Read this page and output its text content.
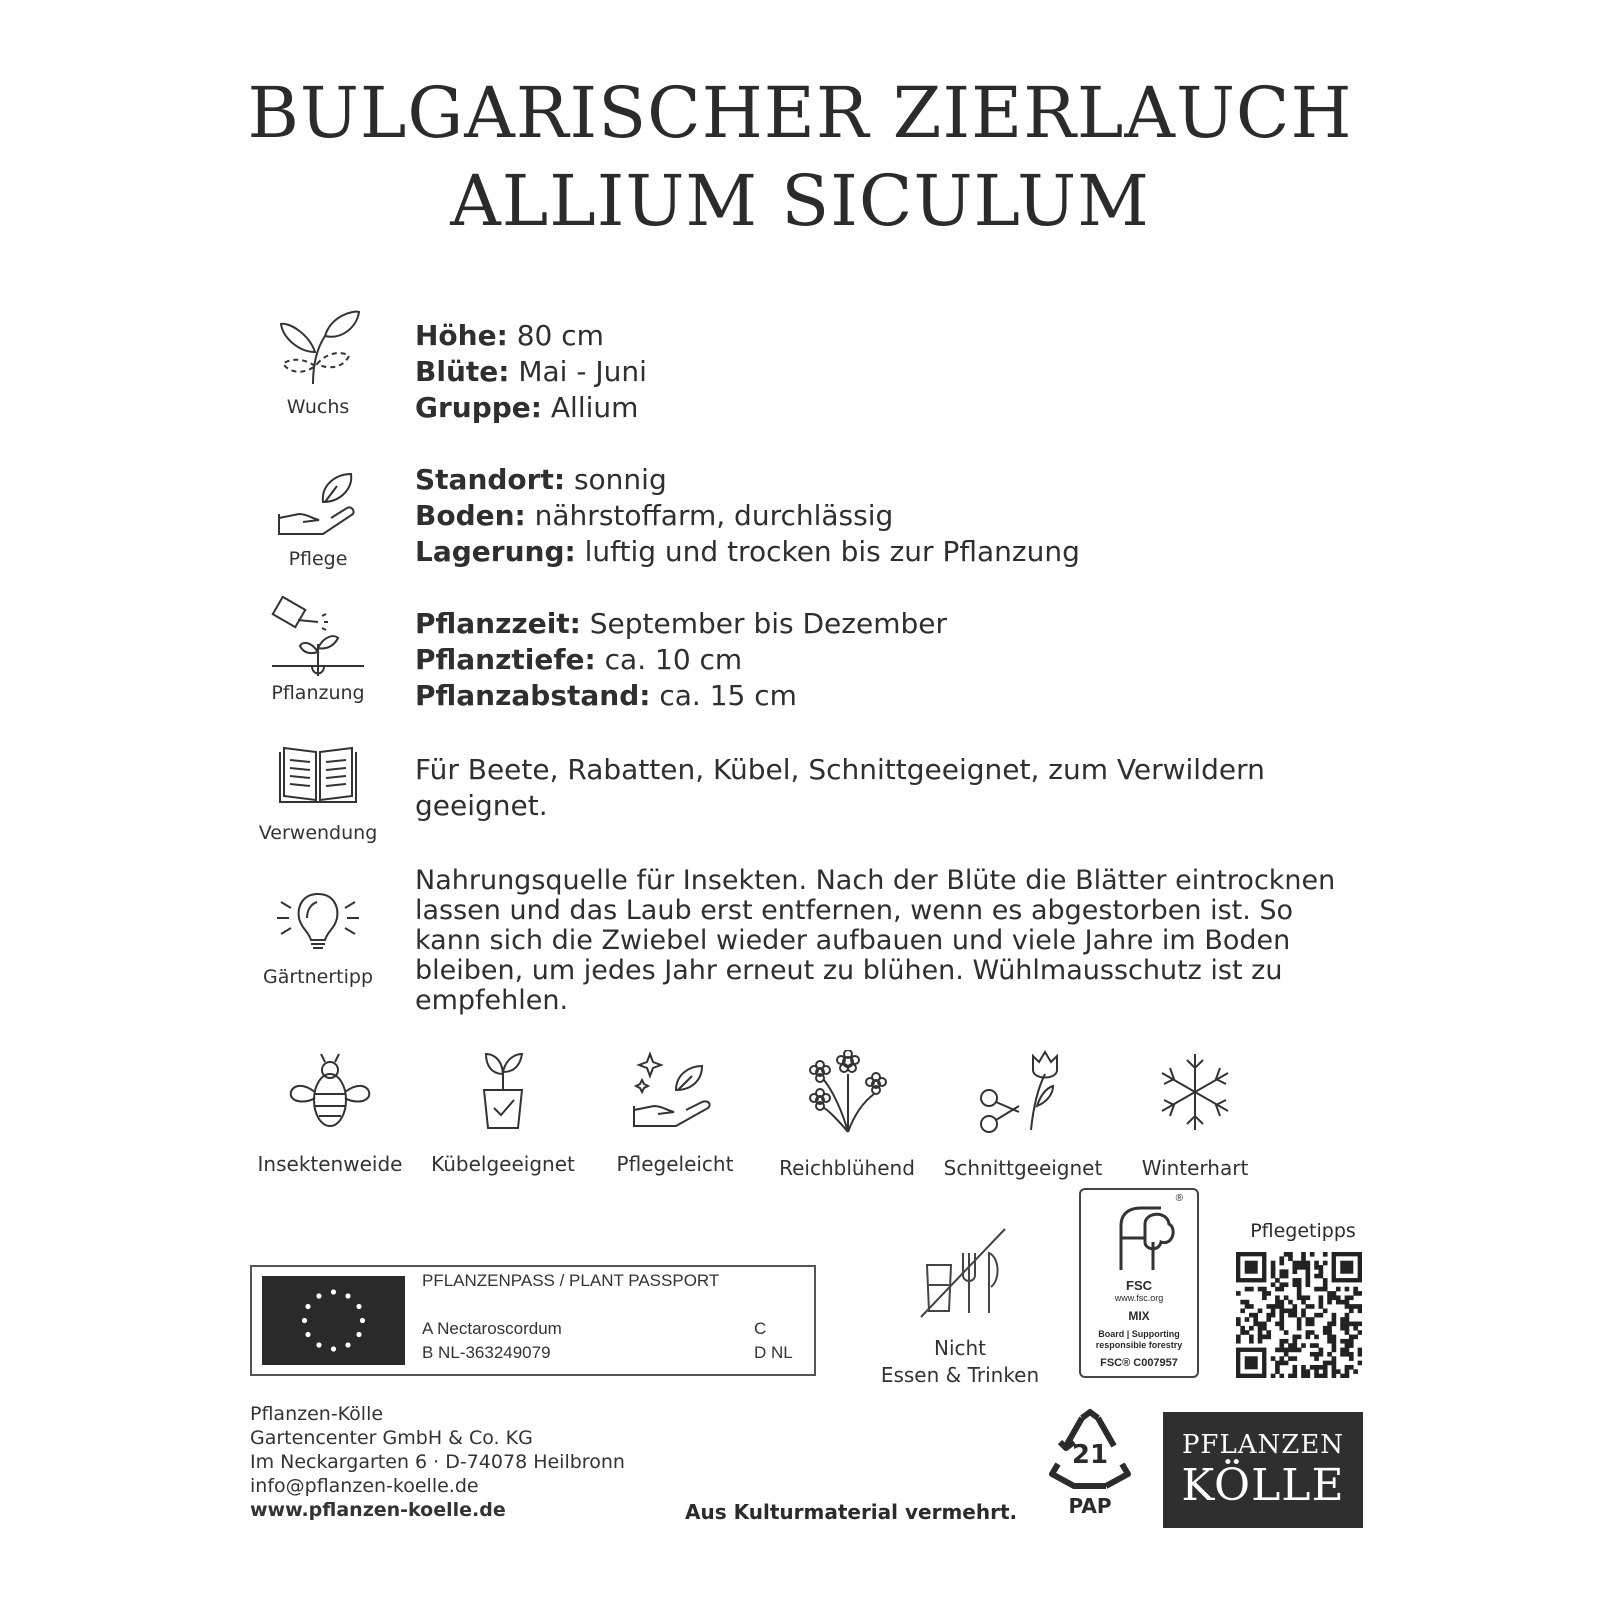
BULGARISCHER ZIERLAUCH
ALLIUM SICULUM
Wuchs
Höhe: 80 cm
Blüte: Mai - Juni
Gruppe: Allium
Pflege
Standort: sonnig
Boden: nährstoffarm, durchlässig
Lagerung: luftig und trocken bis zur Pflanzung
Pflanzung
Pflanzzeit: September bis Dezember
Pflanztiefe: ca. 10 cm
Pflanzabstand: ca. 15 cm
Verwendung
Für Beete, Rabatten, Kübel, Schnittgeeignet, zum Verwildern
geeignet.
Gärtnertipp
Nahrungsquelle für Insekten. Nach der Blüte die Blätter eintrocknen
lassen und das Laub erst entfernen, wenn es abgestorben ist. So
kann sich die Zwiebel wieder aufbauen und viele Jahre im Boden
bleiben, um jedes Jahr erneut zu blühen. Wühlmausschutz ist zu
empfehlen.
Insektenweide	Kübelgeeignet	Pflegeleicht	Reichblühend	Schnittgeeignet	Winterhart
PFLANZENPASS / PLANT PASSPORT
A Nectaroscordum
B NL-363249079
C
D NL	Nicht
Essen & Trinken
®
FSC
www.fsc.org
MIX
Board | Supporting
responsible forestry
FSC® C007957
Pflegetipps
Pflanzen-Kölle
Gartencenter GmbH & Co. KG
Im Neckargarten 6 · D-74078 Heilbronn
info@pflanzen-koelle.de
www.pflanzen-koelle.de	Aus Kulturmaterial vermehrt.
21
PAP
PFLANZEN
KÖLLE
